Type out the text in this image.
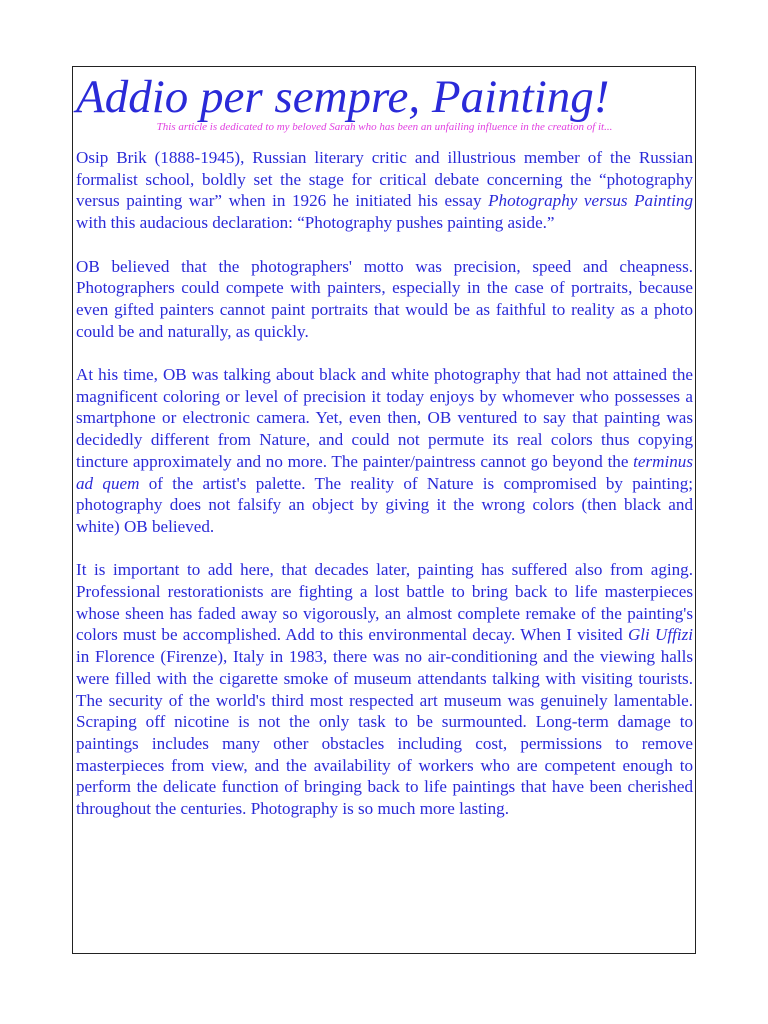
Addio per sempre, Painting!

This article is dedicated to my beloved Sarah who has been an unfailing influence in the creation of it...

Osip Brik (1888-1945), Russian literary critic and illustrious member of the Russian formalist school, boldly set the stage for critical debate concerning the “photography versus painting war” when in 1926 he initiated his essay Photography versus Painting with this audacious declaration: “Photography pushes painting aside.”

OB believed that the photographers' motto was precision, speed and cheapness. Photographers could compete with painters, especially in the case of portraits, because even gifted painters cannot paint portraits that would be as faithful to reality as a photo could be and naturally, as quickly.

At his time, OB was talking about black and white photography that had not attained the magnificent coloring or level of precision it today enjoys by whomever who possesses a smartphone or electronic camera. Yet, even then, OB ventured to say that painting was decidedly different from Nature, and could not permute its real colors thus copying tincture approximately and no more. The painter/paintress cannot go beyond the terminus ad quem of the artist's palette. The reality of Nature is compromised by painting; photography does not falsify an object by giving it the wrong colors (then black and white) OB believed.

It is important to add here, that decades later, painting has suffered also from aging. Professional restorationists are fighting a lost battle to bring back to life masterpieces whose sheen has faded away so vigorously, an almost complete remake of the painting's colors must be accomplished. Add to this environmental decay. When I visited Gli Uffizi in Florence (Firenze), Italy in 1983, there was no air-conditioning and the viewing halls were filled with the cigarette smoke of museum attendants talking with visiting tourists. The security of the world's third most respected art museum was genuinely lamentable. Scraping off nicotine is not the only task to be surmounted. Long-term damage to paintings includes many other obstacles including cost, permissions to remove masterpieces from view, and the availability of workers who are competent enough to perform the delicate function of bringing back to life paintings that have been cherished throughout the centuries. Photography is so much more lasting.
